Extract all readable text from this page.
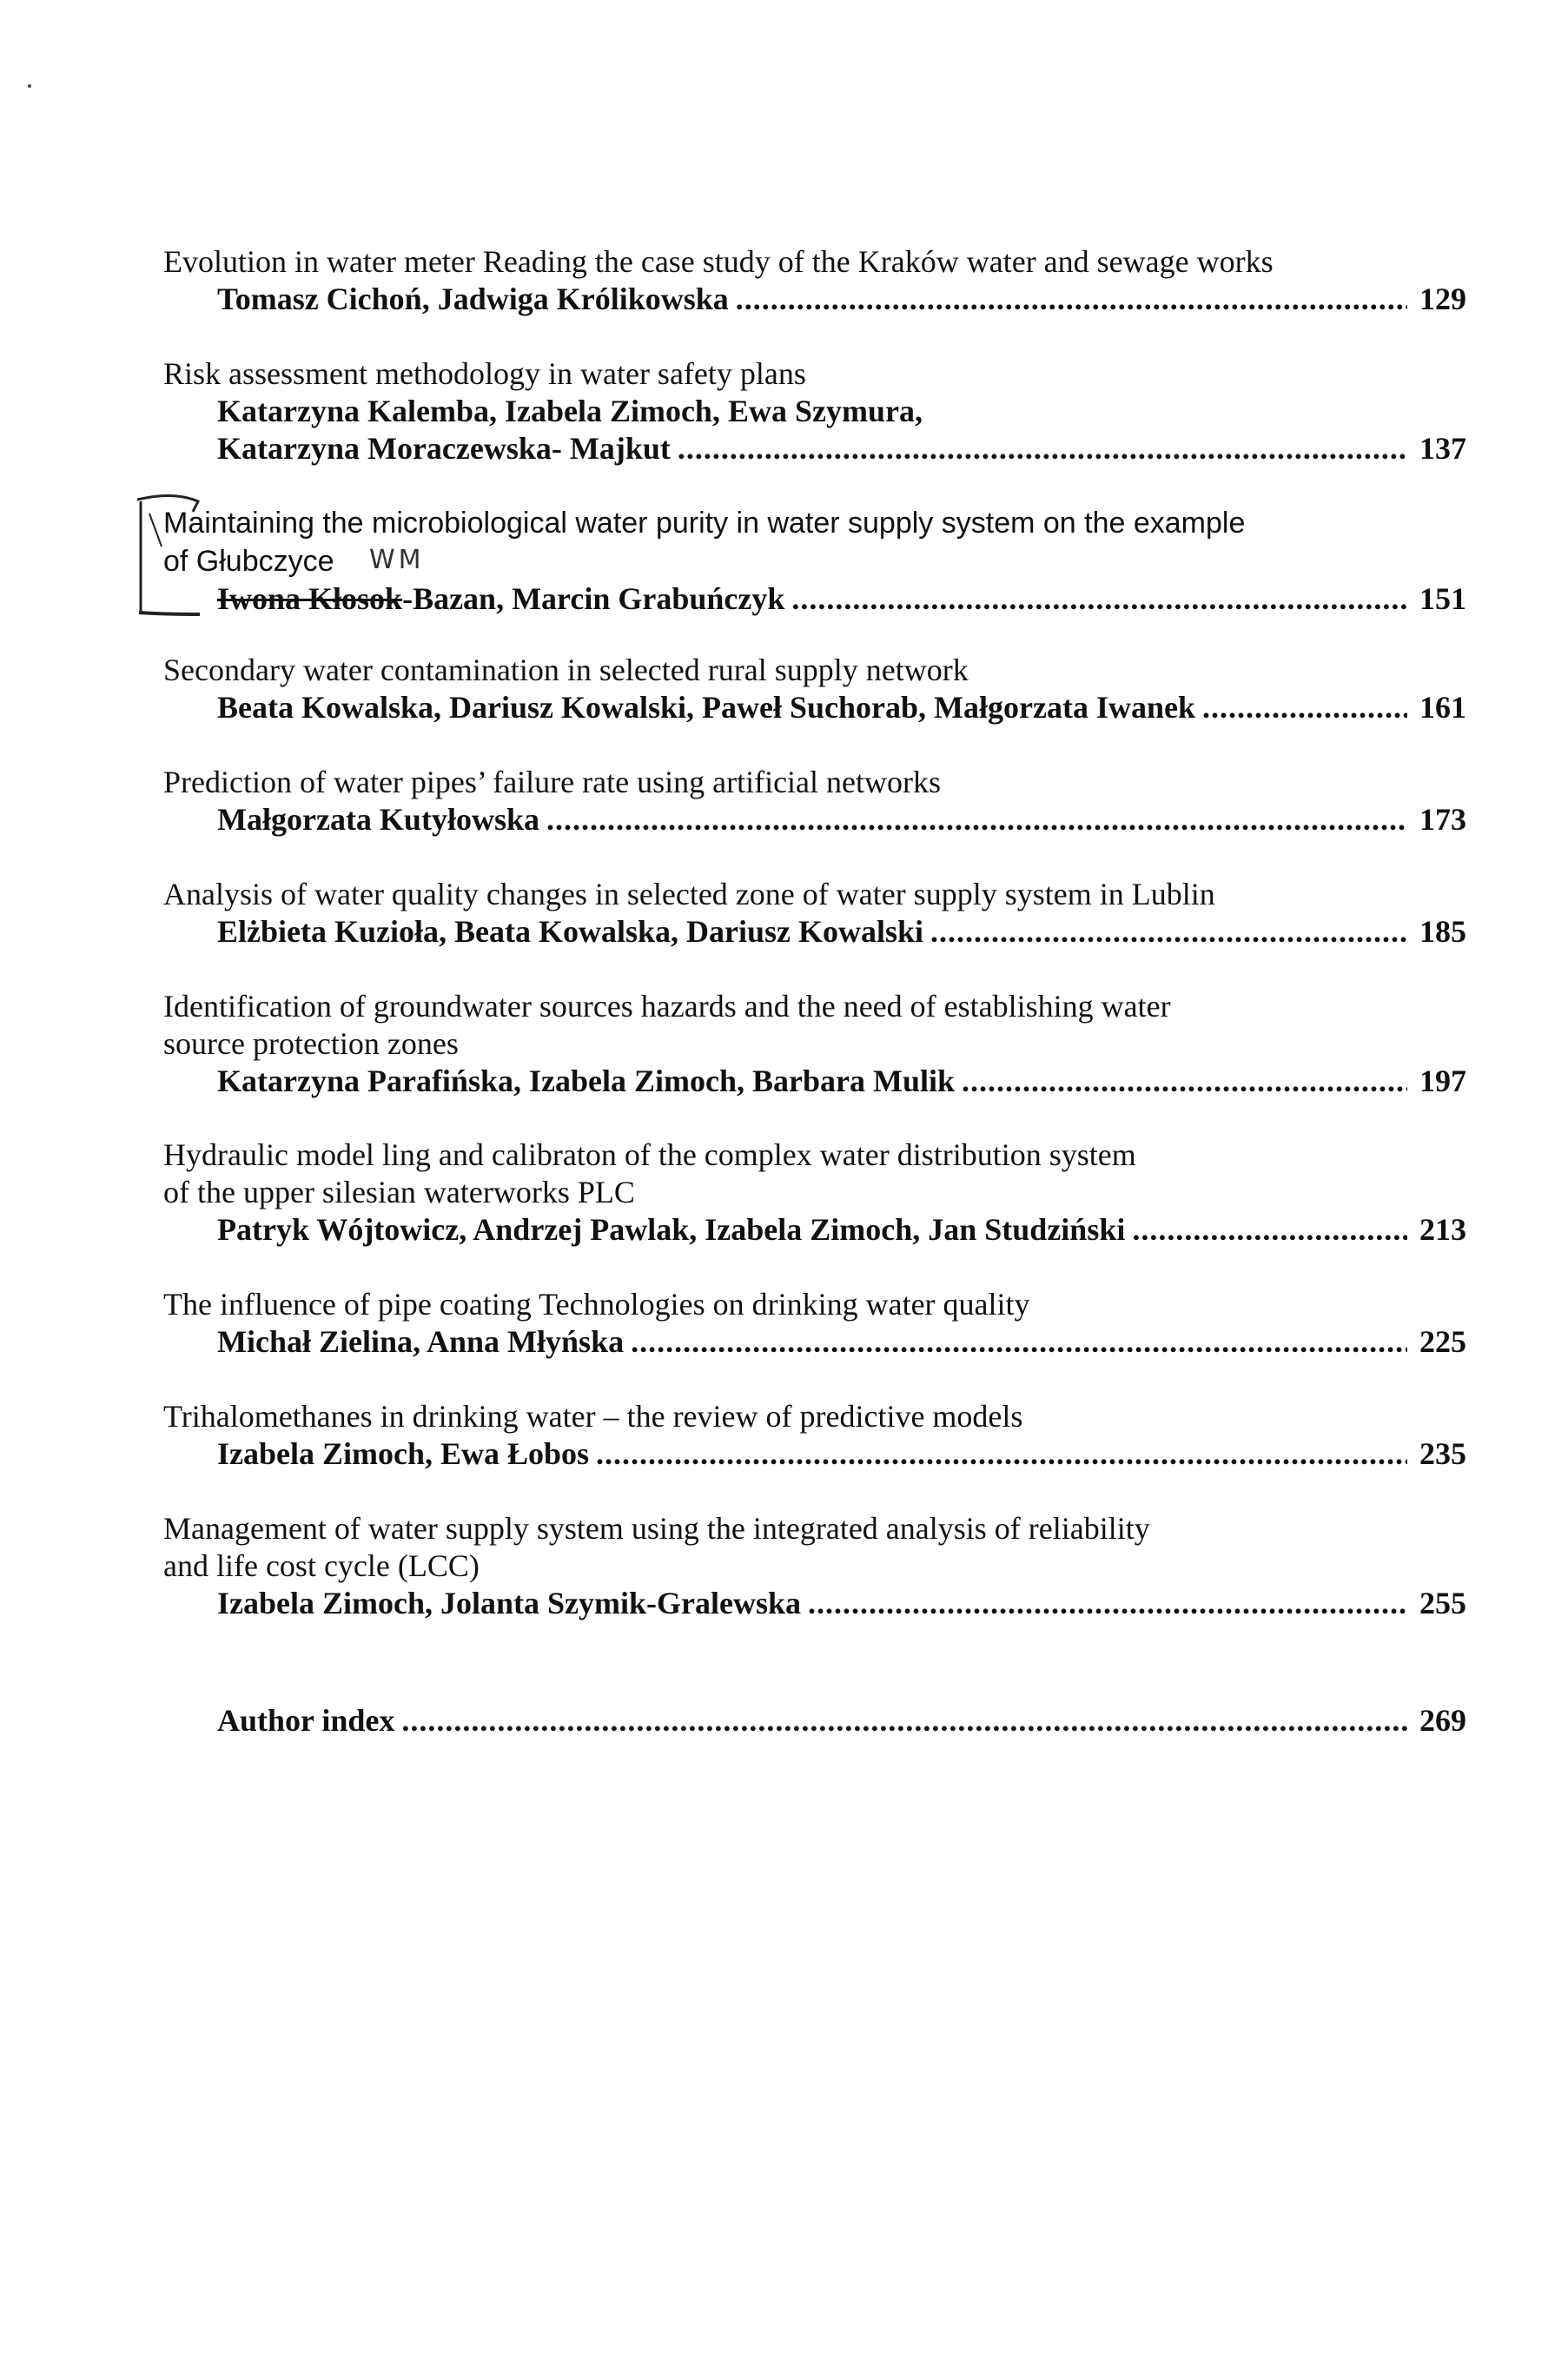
Evolution in water meter Reading the case study of the Kraków water and sewage works
Tomasz Cichoń, Jadwiga Królikowska .....	129
Risk assessment methodology in water safety plans
Katarzyna Kalemba, Izabela Zimoch, Ewa Szymura,
Katarzyna Moraczewska- Majkut .....	137
Maintaining the microbiological water purity in water supply system on the example
of Głubczyce
Iwona Kłosok-Bazan, Marcin Grabuńczyk .....	151
WM
Secondary water contamination in selected rural supply network
Beata Kowalska, Dariusz Kowalski, Paweł Suchorab, Małgorzata Iwanek .....	161
Prediction of water pipes’ failure rate using artificial networks
Małgorzata Kutyłowska .....	173
Analysis of water quality changes in selected zone of water supply system in Lublin
Elżbieta Kuzioła, Beata Kowalska, Dariusz Kowalski .....	185
Identification of groundwater sources hazards and the need of establishing water
source protection zones
Katarzyna Parafińska, Izabela Zimoch, Barbara Mulik .....	197
Hydraulic model ling and calibraton of the complex water distribution system
of the upper silesian waterworks PLC
Patryk Wójtowicz, Andrzej Pawlak, Izabela Zimoch, Jan Studziński .....	213
The influence of pipe coating Technologies on drinking water quality
Michał Zielina, Anna Młyńska .....	225
Trihalomethanes in drinking water – the review of predictive models
Izabela Zimoch, Ewa Łobos .....	235
Management of water supply system using the integrated analysis of reliability
and life cost cycle (LCC)
Izabela Zimoch, Jolanta Szymik-Gralewska .....	255
Author index .....	269
